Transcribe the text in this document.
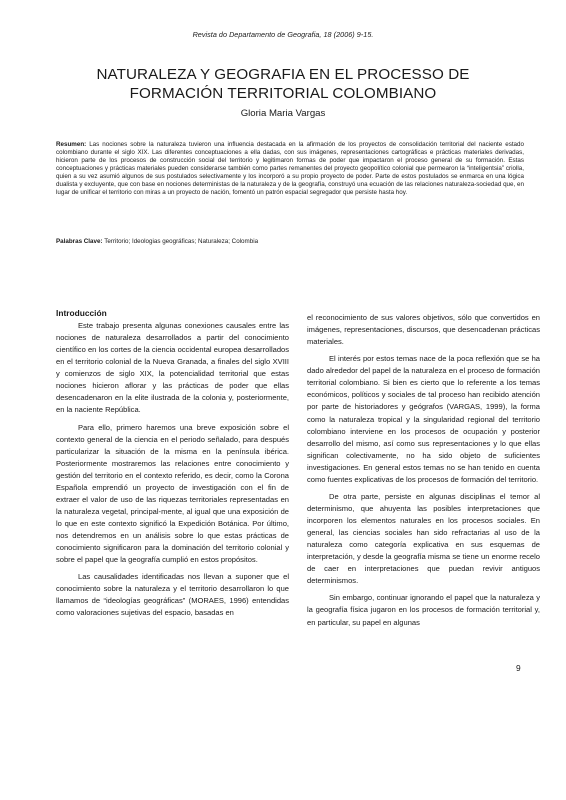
Revista do Departamento de Geografia, 18 (2006) 9-15.
NATURALEZA Y GEOGRAFIA EN EL PROCESSO DE
FORMACIÓN TERRITORIAL COLOMBIANO
Gloria Maria Vargas

Resumen: Las nociones sobre la naturaleza tuvieron una influencia destacada en la afirmación de los proyectos de consolidación territorial del naciente estado colombiano durante el siglo XIX. Las diferentes conceptuaciones a ella dadas, con sus imágenes, representaciones cartográficas e prácticas materiales derivadas, hicieron parte de los procesos de construcción social del territorio y legitimaron formas de poder que impactaron el proceso general de su formación. Estas conceptuaciones y prácticas materiales pueden considerarse también como partes remanentes del proyecto geopolítico colonial que permearon la “inteligentsia” criolla, quien a su vez asumió algunos de sus postulados selectivamente y los incorporó a su propio proyecto de poder. Parte de estos postulados se enmarca en una lógica dualista y excluyente, que con base en nociones deterministas de la naturaleza y de la geografía, construyó una ecuación de las relaciones naturaleza-sociedad que, en lugar de unificar el territorio con miras a un proyecto de nación, fomentó un patrón espacial segregador que persiste hasta hoy.

Palabras Clave: Territorio; Ideologias geográficas; Naturaleza; Colombia

Introducción

Este trabajo presenta algunas conexiones causales entre las nociones de naturaleza desarrollados a partir del conocimiento científico en los cortes de la ciencia occidental europea desarrollados en el territorio colonial de la Nueva Granada, a finales del siglo XVIII y comienzos de siglo XIX, la potencialidad territorial que estas nociones hicieron aflorar y las prácticas de poder que ellas desencadenaron en la elite ilustrada de la colonia y, posteriormente, en la naciente República.

Para ello, primero haremos una breve exposición sobre el contexto general de la ciencia en el periodo señalado, para después particularizar la situación de la misma en la península ibérica. Posteriormente mostraremos las relaciones entre conocimiento y gestión del territorio en el contexto referido, es decir, como la Corona Española emprendió un proyecto de investigación con el fin de extraer el valor de uso de las riquezas territoriales representadas en la naturaleza vegetal, principal-mente, al igual que una exposición de lo que en este contexto significó la Expedición Botánica. Por último, nos detendremos en un análisis sobre lo que estas prácticas de conocimiento significaron para la dominación del territorio colonial y sobre el papel que la geografía cumplió en estos propósitos.

Las causalidades identificadas nos llevan a suponer que el conocimiento sobre la naturaleza y el territorio desarrollaron lo que llamamos de “ideologías geográficas” (MORAES, 1996) entendidas como valoraciones sujetivas del espacio, basadas en

el reconocimiento de sus valores objetivos, sólo que convertidos en imágenes, representaciones, discursos, que desencadenan prácticas materiales.

El interés por estos temas nace de la poca reflexión que se ha dado alrededor del papel de la naturaleza en el proceso de formación territorial colombiano. Si bien es cierto que lo referente a los temas económicos, políticos y sociales de tal proceso han recibido atención por parte de historiadores y geógrafos (VARGAS, 1999), la forma como la naturaleza tropical y la singularidad regional del territorio colombiano interviene en los procesos de ocupación y posterior desarrollo del mismo, así como sus representaciones y lo que ellas significan colectivamente, no ha sido objeto de suficientes investigaciones. En general estos temas no se han tenido en cuenta como fuentes explicativas de los procesos de formación del territorio.

De otra parte, persiste en algunas disciplinas el temor al determinismo, que ahuyenta las posibles interpretaciones que incorporen los elementos naturales en los procesos sociales. En general, las ciencias sociales han sido refractarias al uso de la naturaleza como categoría explicativa en sus esquemas de interpretación, y desde la geografía misma se tiene un enorme recelo de caer en interpretaciones que puedan revivir antiguos determinismos.

Sin embargo, continuar ignorando el papel que la naturaleza y la geografía física jugaron en los procesos de formación territorial y, en particular, su papel en algunas

9
